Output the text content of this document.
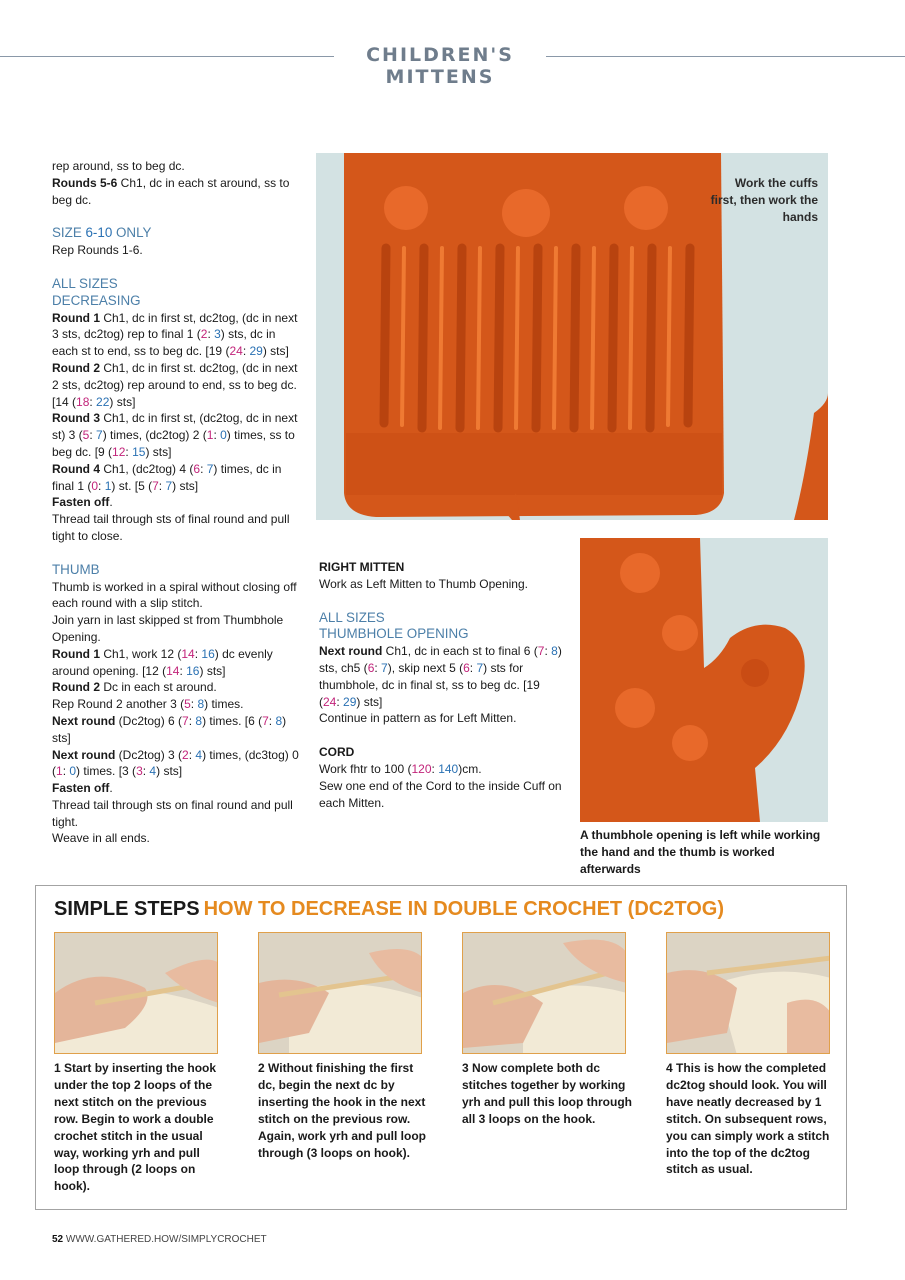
CHILDREN'S MITTENS

rep around, ss to beg dc.

Rounds 5-6 Ch1, dc in each st around, ss to beg dc.

SIZE 6-10 ONLY

Rep Rounds 1-6.

ALL SIZES

DECREASING

Round 1 Ch1, dc in first st, dc2tog, (dc in next 3 sts, dc2tog) rep to final 1 (2: 3) sts, dc in each st to end, ss to beg dc. [19 (24: 29) sts]

Round 2 Ch1, dc in first st. dc2tog, (dc in next 2 sts, dc2tog) rep around to end, ss to beg dc. [14 (18: 22) sts]

Round 3 Ch1, dc in first st, (dc2tog, dc in next st) 3 (5: 7) times, (dc2tog) 2 (1: 0) times, ss to beg dc. [9 (12: 15) sts]

Round 4 Ch1, (dc2tog) 4 (6: 7) times, dc in final 1 (0: 1) st. [5 (7: 7) sts]

Fasten off.

Thread tail through sts of final round and pull tight to close.

THUMB

Thumb is worked in a spiral without closing off each round with a slip stitch.

Join yarn in last skipped st from Thumbhole Opening.

Round 1 Ch1, work 12 (14: 16) dc evenly around opening. [12 (14: 16) sts]

Round 2 Dc in each st around.

Rep Round 2 another 3 (5: 8) times.

Next round (Dc2tog) 6 (7: 8) times. [6 (7: 8) sts]

Next round (Dc2tog) 3 (2: 4) times, (dc3tog) 0 (1: 0) times. [3 (3: 4) sts]

Fasten off.

Thread tail through sts on final round and pull tight.

Weave in all ends.

Work the cuffs first, then work the hands

RIGHT MITTEN

Work as Left Mitten to Thumb Opening.

ALL SIZES

THUMBHOLE OPENING

Next round Ch1, dc in each st to final 6 (7: 8) sts, ch5 (6: 7), skip next 5 (6: 7) sts for thumbhole, dc in final st, ss to beg dc. [19 (24: 29) sts]

Continue in pattern as for Left Mitten.

CORD

Work fhtr to 100 (120: 140)cm.

Sew one end of the Cord to the inside Cuff on each Mitten.

A thumbhole opening is left while working the hand and the thumb is worked afterwards
SIMPLE STEPS HOW TO DECREASE IN DOUBLE CROCHET (DC2TOG)
1 Start by inserting the hook under the top 2 loops of the next stitch on the previous row. Begin to work a double crochet stitch in the usual way, working yrh and pull loop through (2 loops on hook).
2 Without finishing the first dc, begin the next dc by inserting the hook in the next stitch on the previous row. Again, work yrh and pull loop through (3 loops on hook).
3 Now complete both dc stitches together by working yrh and pull this loop through all 3 loops on the hook.
4 This is how the completed dc2tog should look. You will have neatly decreased by 1 stitch. On subsequent rows, you can simply work a stitch into the top of the dc2tog stitch as usual.
52 WWW.GATHERED.HOW/SIMPLYCROCHET
